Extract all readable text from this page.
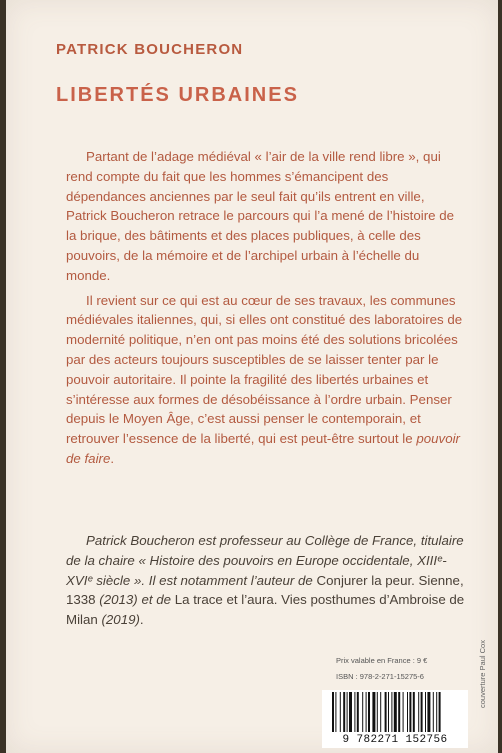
PATRICK BOUCHERON
LIBERTÉS URBAINES

Partant de l’adage médiéval « l’air de la ville rend libre », qui rend compte du fait que les hommes s’émancipent des dépendances anciennes par le seul fait qu’ils entrent en ville, Patrick Boucheron retrace le parcours qui l’a mené de l’histoire de la brique, des bâtiments et des places publiques, à celle des pouvoirs, de la mémoire et de l’archipel urbain à l’échelle du monde.

Il revient sur ce qui est au cœur de ses travaux, les communes médiévales italiennes, qui, si elles ont constitué des laboratoires de modernité politique, n’en ont pas moins été des solutions bricolées par des acteurs toujours susceptibles de se laisser tenter par le pouvoir autoritaire. Il pointe la fragilité des libertés urbaines et s’intéresse aux formes de désobéissance à l’ordre urbain. Penser depuis le Moyen Âge, c’est aussi penser le contemporain, et retrouver l’essence de la liberté, qui est peut-être surtout le pouvoir de faire.

Patrick Boucheron est professeur au Collège de France, titulaire de la chaire « Histoire des pouvoirs en Europe occidentale, XIIIᵉ-XVIᵉ siècle ». Il est notamment l’auteur de Conjurer la peur. Sienne, 1338 (2013) et de La trace et l’aura. Vies posthumes d’Ambroise de Milan (2019).
Prix valable en France : 9 €
ISBN : 978-2-271-15275-6
9 782271 152756
couverture Paul Cox
